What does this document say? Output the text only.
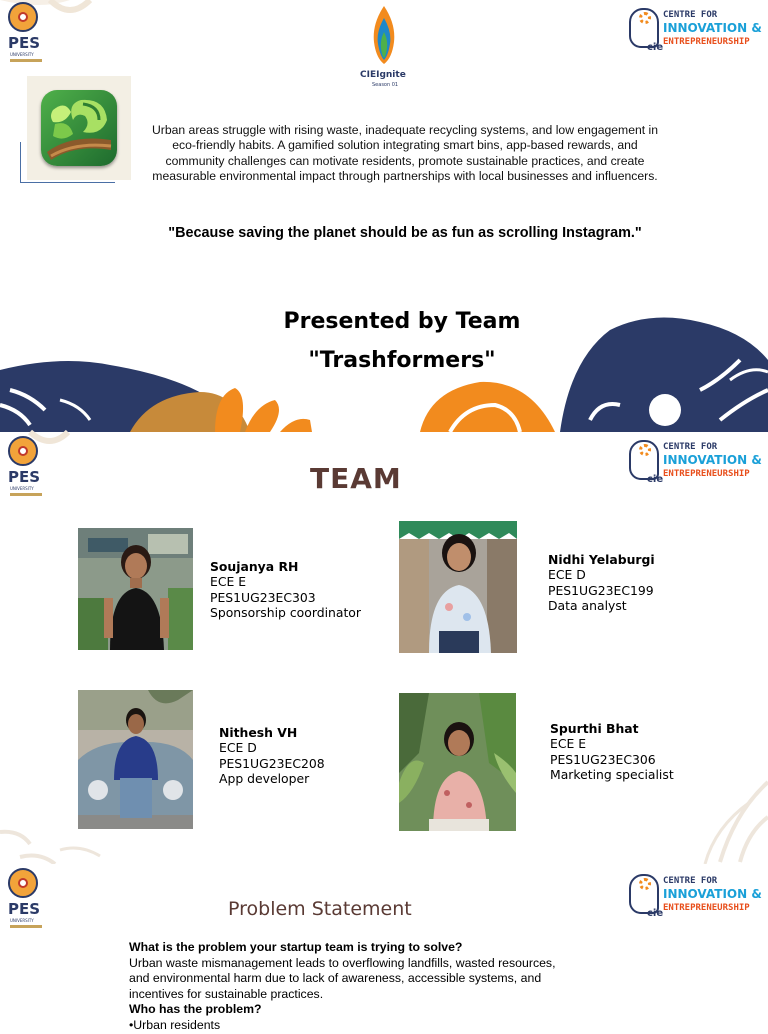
PES
UNIVERSITY
CIEIgnite
Season 01
cie
CENTRE FOR
INNOVATION &
ENTREPRENEURSHIP
Urban areas struggle with rising waste, inadequate recycling systems, and low engagement in eco-friendly habits. A gamified solution integrating smart bins, app-based rewards, and community challenges can motivate residents, promote sustainable practices, and create measurable environmental impact through partnerships with local businesses and influencers.
"Because saving the planet should be as fun as scrolling Instagram."
Presented by Team
"Trashformers"
PES
UNIVERSITY
cie
CENTRE FOR
INNOVATION &
ENTREPRENEURSHIP
TEAM
Soujanya RH
ECE E
PES1UG23EC303
Sponsorship coordinator
Nidhi Yelaburgi
ECE D
PES1UG23EC199
Data analyst
Nithesh VH
ECE D
PES1UG23EC208
App developer
Spurthi Bhat
ECE E
PES1UG23EC306
Marketing specialist
PES
UNIVERSITY
cie
CENTRE FOR
INNOVATION &
ENTREPRENEURSHIP
Problem Statement
What is the problem your startup team is trying to solve?
Urban waste mismanagement leads to overflowing landfills, wasted resources, and environmental harm due to lack of awareness, accessible systems, and incentives for sustainable practices.
Who has the problem?
•Urban residents
